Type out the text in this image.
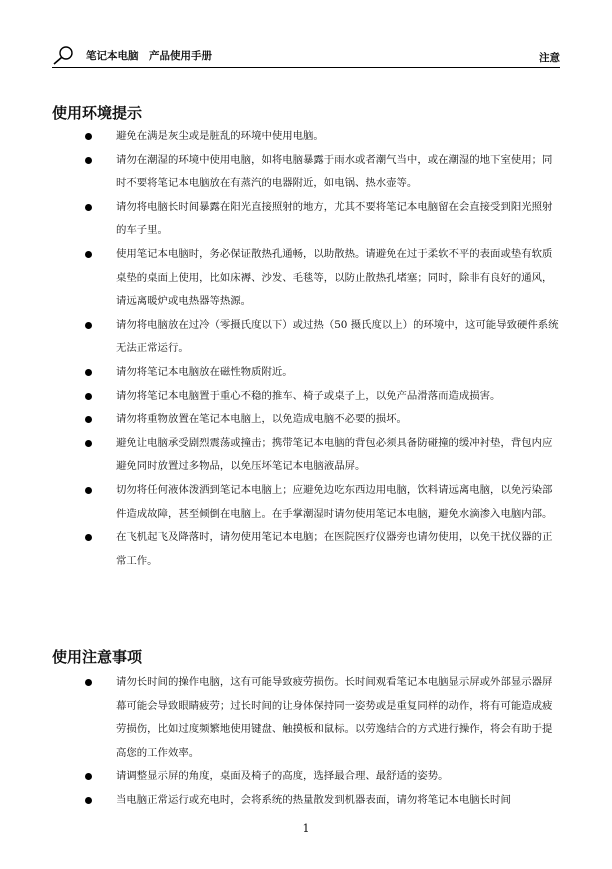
笔记本电脑　产品使用手册	注意
使用环境提示
避免在满是灰尘或是脏乱的环境中使用电脑。
请勿在潮湿的环境中使用电脑，如将电脑暴露于雨水或者潮气当中，或在潮湿的地下室使用；同时不要将笔记本电脑放在有蒸汽的电器附近，如电锅、热水壶等。
请勿将电脑长时间暴露在阳光直接照射的地方，尤其不要将笔记本电脑留在会直接受到阳光照射的车子里。
使用笔记本电脑时，务必保证散热孔通畅，以助散热。请避免在过于柔软不平的表面或垫有软质桌垫的桌面上使用，比如床褥、沙发、毛毯等，以防止散热孔堵塞；同时，除非有良好的通风，请远离暖炉或电热器等热源。
请勿将电脑放在过冷（零摄氏度以下）或过热（50 摄氏度以上）的环境中，这可能导致硬件系统无法正常运行。
请勿将笔记本电脑放在磁性物质附近。
请勿将笔记本电脑置于重心不稳的推车、椅子或桌子上，以免产品滑落而造成损害。
请勿将重物放置在笔记本电脑上，以免造成电脑不必要的损坏。
避免让电脑承受剧烈震荡或撞击；携带笔记本电脑的背包必须具备防碰撞的缓冲衬垫，背包内应避免同时放置过多物品，以免压坏笔记本电脑液晶屏。
切勿将任何液体泼洒到笔记本电脑上；应避免边吃东西边用电脑，饮料请远离电脑，以免污染部件造成故障，甚至倾倒在电脑上。在手掌潮湿时请勿使用笔记本电脑，避免水滴渗入电脑内部。
在飞机起飞及降落时，请勿使用笔记本电脑；在医院医疗仪器旁也请勿使用，以免干扰仪器的正常工作。
使用注意事项
请勿长时间的操作电脑，这有可能导致疲劳损伤。长时间观看笔记本电脑显示屏或外部显示器屏幕可能会导致眼睛疲劳；过长时间的让身体保持同一姿势或是重复同样的动作，将有可能造成疲劳损伤，比如过度频繁地使用键盘、触摸板和鼠标。以劳逸结合的方式进行操作，将会有助于提高您的工作效率。
请调整显示屏的角度，桌面及椅子的高度，选择最合理、最舒适的姿势。
当电脑正常运行或充电时，会将系统的热量散发到机器表面，请勿将笔记本电脑长时间
1
